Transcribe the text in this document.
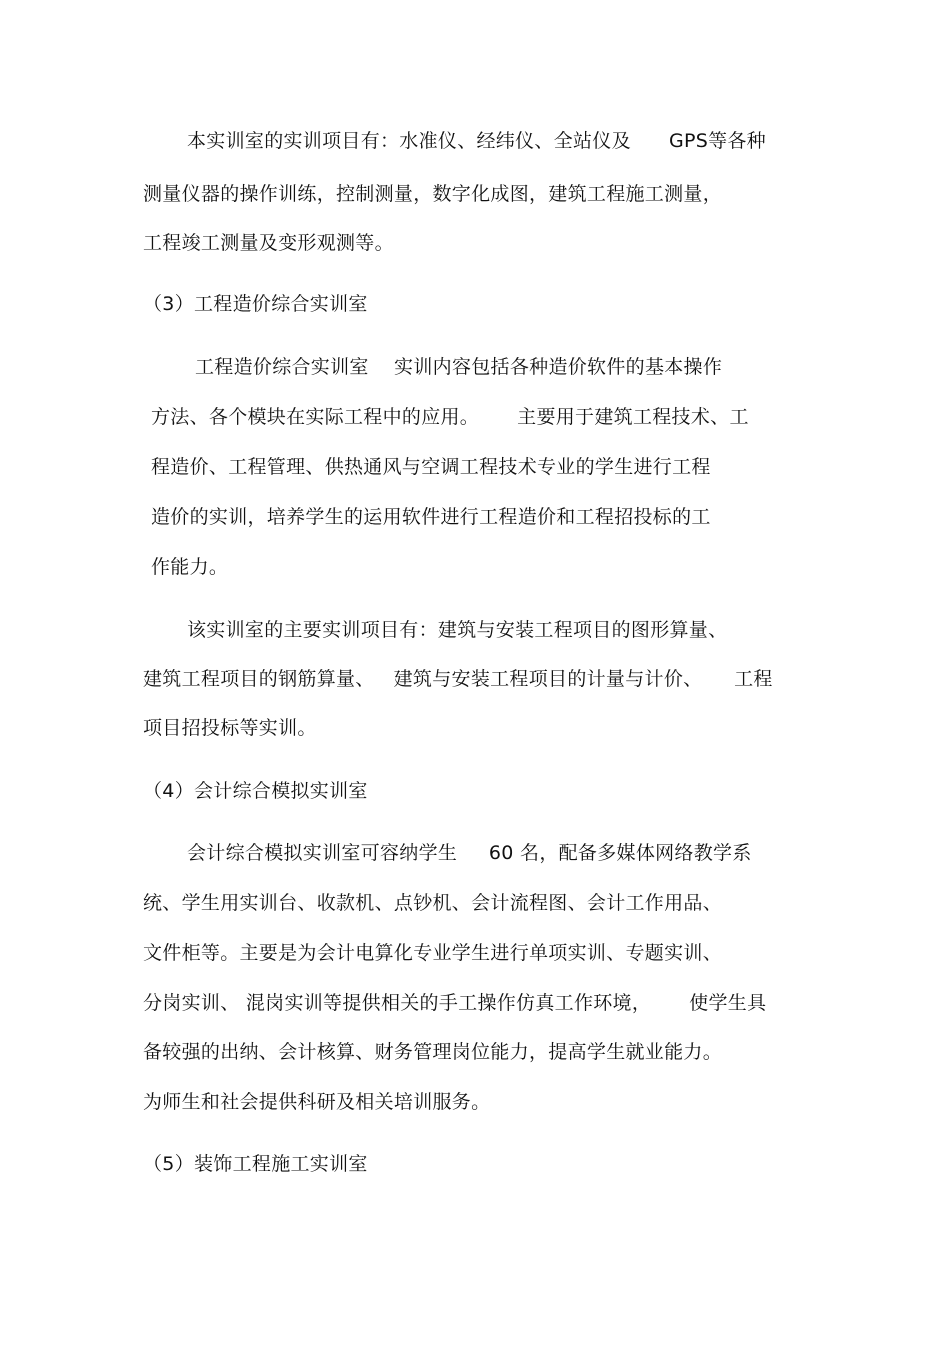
本实训室的实训项目有：水准仪、经纬仪、全站仪及      GPS等各种
测量仪器的操作训练，控制测量，数字化成图，建筑工程施工测量，
工程竣工测量及变形观测等。
（3）工程造价综合实训室
工程造价综合实训室    实训内容包括各种造价软件的基本操作
方法、各个模块在实际工程中的应用。      主要用于建筑工程技术、工
程造价、工程管理、供热通风与空调工程技术专业的学生进行工程
造价的实训，培养学生的运用软件进行工程造价和工程招投标的工
作能力。
该实训室的主要实训项目有：建筑与安装工程项目的图形算量、
建筑工程项目的钢筋算量、   建筑与安装工程项目的计量与计价、     工程
项目招投标等实训。
（4）会计综合模拟实训室
会计综合模拟实训室可容纳学生     60 名，配备多媒体网络教学系
统、学生用实训台、收款机、点钞机、会计流程图、会计工作用品、
文件柜等。主要是为会计电算化专业学生进行单项实训、专题实训、
分岗实训、 混岗实训等提供相关的手工操作仿真工作环境，      使学生具
备较强的出纳、会计核算、财务管理岗位能力，提高学生就业能力。
为师生和社会提供科研及相关培训服务。
（5）装饰工程施工实训室
